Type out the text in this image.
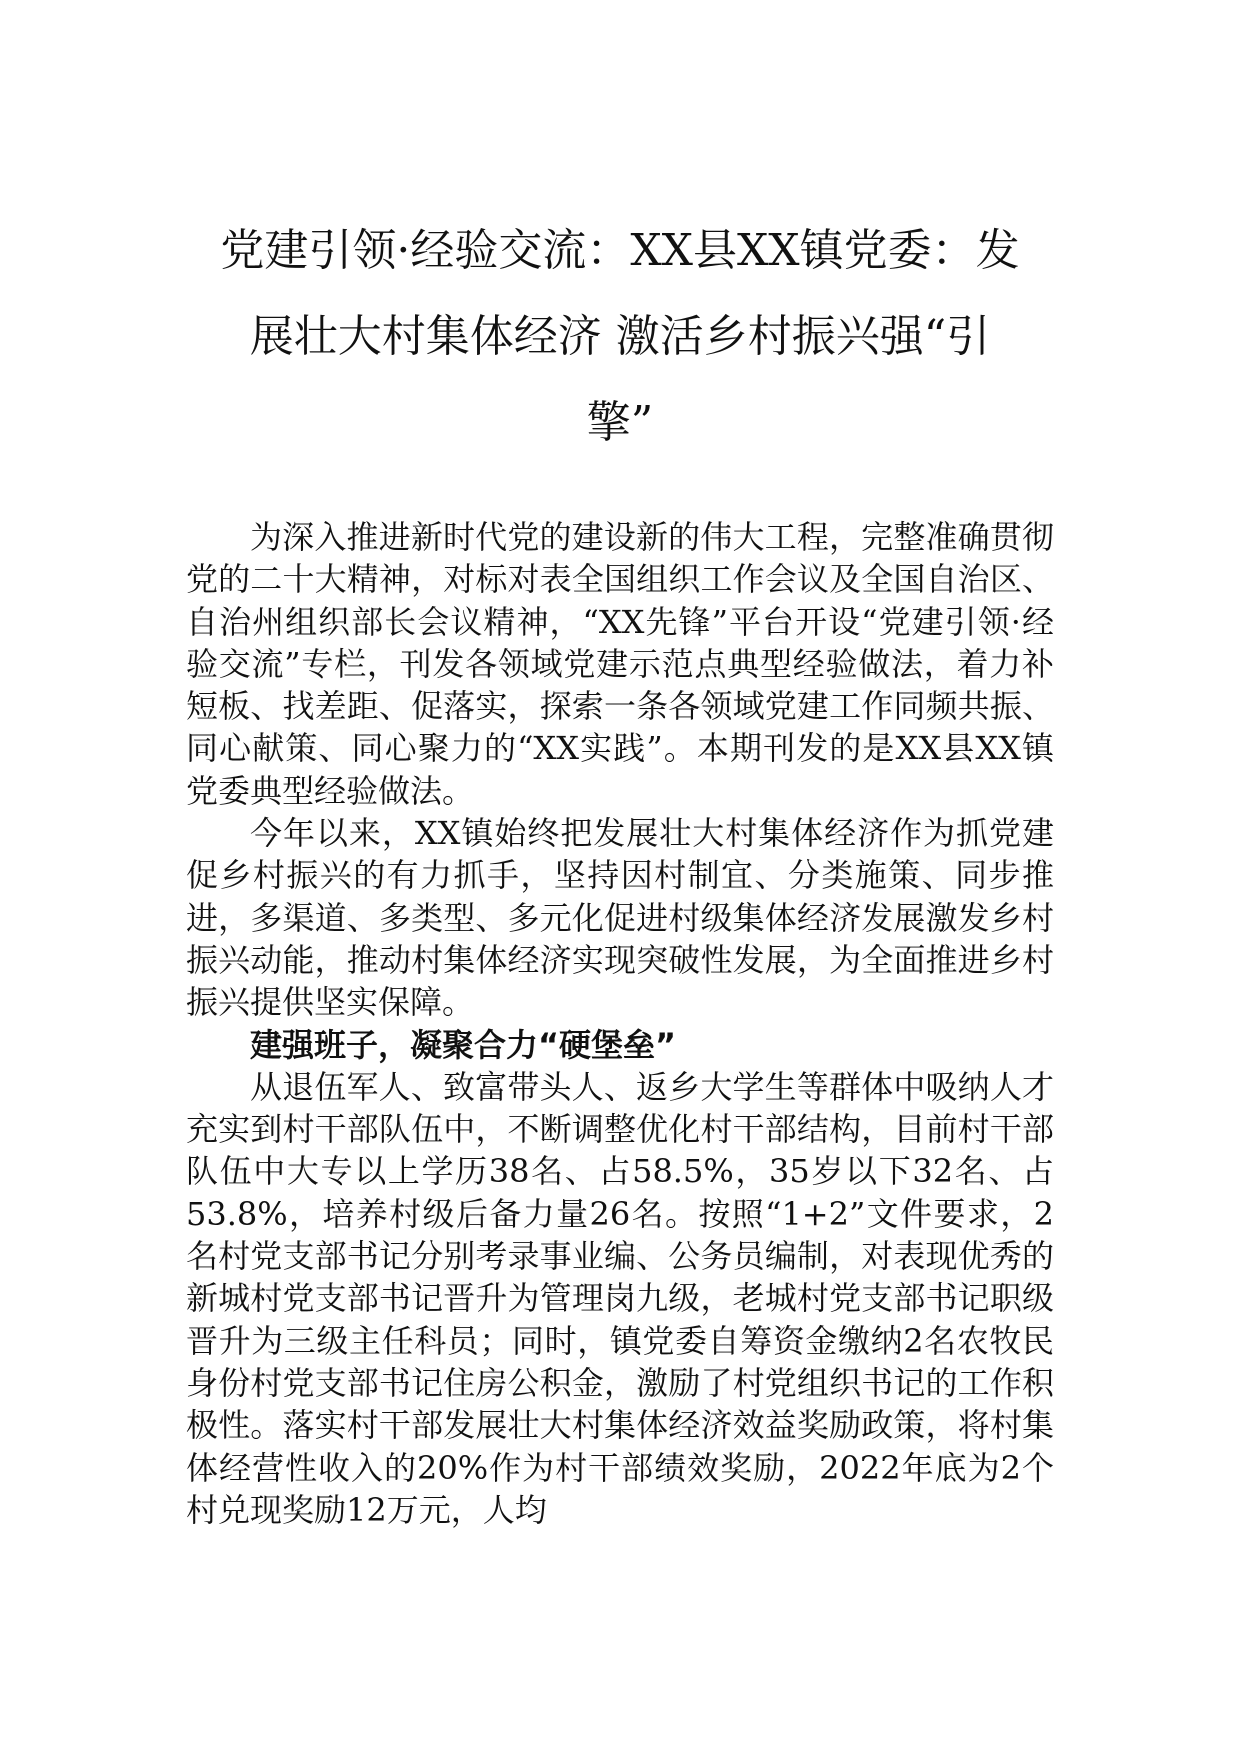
党建引领·经验交流：XX县XX镇党委：发
展壮大村集体经济 激活乡村振兴强“引
擎”

为深入推进新时代党的建设新的伟大工程，完整准确贯彻党的二十大精神，对标对表全国组织工作会议及全国自治区、自治州组织部长会议精神，“XX先锋”平台开设“党建引领·经验交流”专栏，刊发各领域党建示范点典型经验做法，着力补短板、找差距、促落实，探索一条各领域党建工作同频共振、同心献策、同心聚力的“XX实践”。本期刊发的是XX县XX镇党委典型经验做法。

今年以来，XX镇始终把发展壮大村集体经济作为抓党建促乡村振兴的有力抓手，坚持因村制宜、分类施策、同步推进，多渠道、多类型、多元化促进村级集体经济发展激发乡村振兴动能，推动村集体经济实现突破性发展，为全面推进乡村振兴提供坚实保障。

建强班子，凝聚合力“硬堡垒”

从退伍军人、致富带头人、返乡大学生等群体中吸纳人才充实到村干部队伍中，不断调整优化村干部结构，目前村干部队伍中大专以上学历38名、占58.5%，35岁以下32名、占53.8%，培养村级后备力量26名。按照“1+2”文件要求，2名村党支部书记分别考录事业编、公务员编制，对表现优秀的新城村党支部书记晋升为管理岗九级，老城村党支部书记职级晋升为三级主任科员；同时，镇党委自筹资金缴纳2名农牧民身份村党支部书记住房公积金，激励了村党组织书记的工作积极性。落实村干部发展壮大村集体经济效益奖励政策，将村集体经营性收入的20%作为村干部绩效奖励，2022年底为2个村兑现奖励12万元，人均
